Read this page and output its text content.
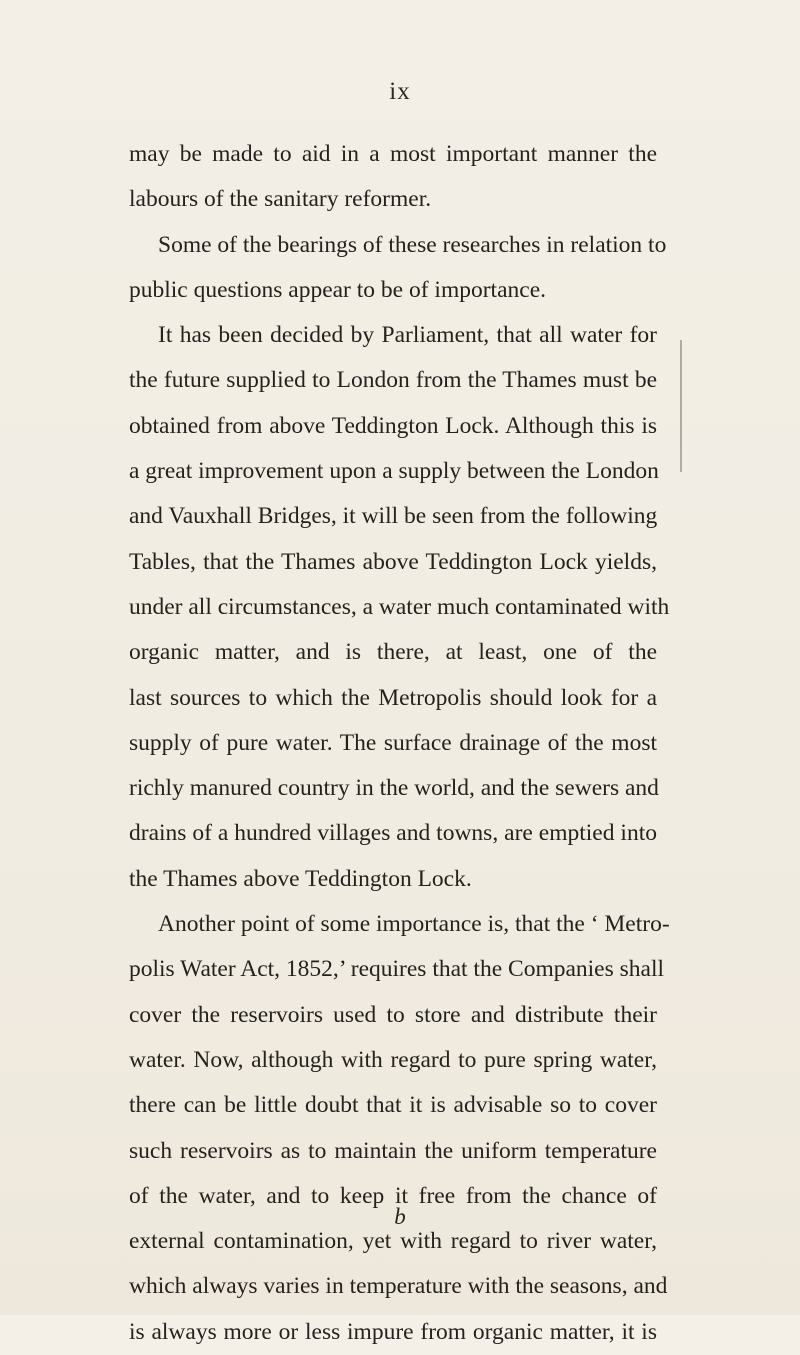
ix
may be made to aid in a most important manner the
labours of the sanitary reformer.
Some of the bearings of these researches in relation to
public questions appear to be of importance.
It has been decided by Parliament, that all water for
the future supplied to London from the Thames must be
obtained from above Teddington Lock. Although this is
a great improvement upon a supply between the London
and Vauxhall Bridges, it will be seen from the following
Tables, that the Thames above Teddington Lock yields,
under all circumstances, a water much contaminated with
organic matter, and is there, at least, one of the
last sources to which the Metropolis should look for a
supply of pure water. The surface drainage of the most
richly manured country in the world, and the sewers and
drains of a hundred villages and towns, are emptied into
the Thames above Teddington Lock.
Another point of some importance is, that the ‘ Metro-
polis Water Act, 1852,’ requires that the Companies shall
cover the reservoirs used to store and distribute their
water. Now, although with regard to pure spring water,
there can be little doubt that it is advisable so to cover
such reservoirs as to maintain the uniform temperature
of the water, and to keep it free from the chance of
external contamination, yet with regard to river water,
which always varies in temperature with the seasons, and
is always more or less impure from organic matter, it is
b
